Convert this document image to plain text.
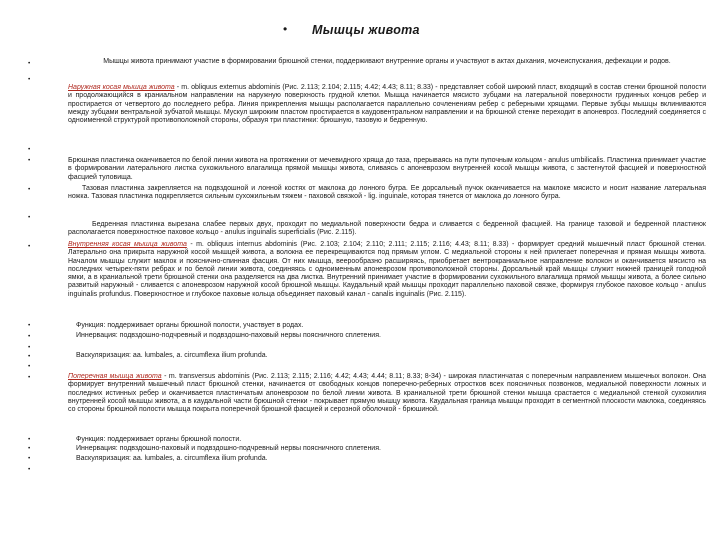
• Мышцы живота
•
•
•
•
•
•
•
•
•
•
•
•
•
•
•
•
•
Мышцы живота принимают участие в формировании брюшной стенки, поддерживают внутренние органы и участвуют в актах дыхания, мочеиспускания, дефекации и родов.
Наружная косая мышца живота - m. obliquus externus abdominis (Рис. 2.113; 2.104; 2.115; 4.42; 4.43; 8.11; 8.33) - представляет собой широкий пласт, входящий в состав стенки брюшной полости и продолжающийся в краниальном направлении на наружную поверхность грудной клетки. Мышца начинается мясисто зубцами на латеральной поверхности грудинных концов ребер и простирается от четвертого до последнего ребра. Линия прикрепления мышцы располагается параллельно сочленениям ребер с реберными хрящами. Первые зубцы мышцы вклиниваются между зубцами вентральной зубчатой мышцы. Мускул широким пластом простирается в каудовентральном направлении и на брюшной стенке переходит в апоневроз. Последний соединяется с одноименной структурой противоположной стороны, образуя три пластинки: брюшную, тазовую и бедренную.
Брюшная пластинка оканчивается по белой линии живота на протяжении от мечевидного хряща до таза, прерываясь на пути пупочным кольцом - anulus umbilicalis. Пластинка принимает участие в формировании латерального листка сухожильного влагалища прямой мышцы живота, сливаясь с апоневрозом внутренней косой мышцы живота, с застегнутой фасцией и поверхностной фасцией туловища.
Тазовая пластинка закрепляется на подвздошной и лонной костях от маклока до лонного бугра. Ее дорсальный пучок оканчивается на маклоке мясисто и носит название латеральная ножка. Тазовая пластинка подкрепляется сильным сухожильным тяжем - паховой связкой - lig. inguinale, которая тянется от маклока до лонного бугра.
Бедренная пластинка вырезана слабее первых двух, проходит по медиальной поверхности бедра и сливается с бедренной фасцией. На границе тазовой и бедренной пластинок располагается поверхностное паховое кольцо - anulus inguinalis superficialis (Рис. 2.115).
Внутренняя косая мышца живота - m. obliquus internus abdominis (Рис. 2.103; 2.104; 2.110; 2.111; 2.115; 2.116; 4.43; 8.11; 8.33) - формирует средний мышечный пласт брюшной стенки. Латерально она прикрыта наружной косой мышцей живота, а волокна ее перекрещиваются под прямым углом. С медиальной стороны к ней прилегает поперечная и прямая мышцы живота. Началом мышцы служит маклок и пояснично-спинная фасция. От них мышца, веерообразно расширяясь, приобретает вентрокраниальное направление волокон и оканчивается мясисто на последних четырех-пяти ребрах и по белой линии живота, соединяясь с одноименным апоневрозом противоположной стороны. Дорсальный край мышцы служит нижней границей голодной ямки, а в краниальной трети брюшной стенки она разделяется на два листка. Внутренний принимает участие в формировании сухожильного влагалища прямой мышцы живота, а более сильно развитый наружный - сливается с апоневрозом наружной косой брюшной мышцы. Каудальный край мышцы проходит параллельно паховой связке, формируя глубокое паховое кольцо - anulus inguinalis profundus. Поверхностное и глубокое паховые кольца объединяет паховый канал - canalis inguinalis (Рис. 2.115).
Функция: поддерживает органы брюшной полости, участвует в родах.
Иннервация: подвздошно-подчревный и подвздошно-паховый нервы поясничного сплетения.
Васкуляризация: aa. lumbales, a. circumflexa ilium profunda.
Поперечная мышца живота - m. transversus abdominis (Рис. 2.113; 2.115; 2.116; 4.42; 4.43; 4.44; 8.11; 8.33; 8-34) - широкая пластинчатая с поперечным направлением мышечных волокон. Она формирует внутренний мышечный пласт брюшной стенки, начинается от свободных концов поперечно-реберных отростков всех поясничных позвонков, медиальной поверхности ложных и последних истинных ребер и оканчивается пластинчатым апоневрозом по белой линии живота. В краниальной трети брюшной стенки мышца срастается с медиальной стенкой сухожилия внутренней косой мышцы живота, а в каудальной части брюшной стенки - покрывает прямую мышцу живота. Каудальная граница мышцы проходит в сегментной плоскости маклока, соединяясь со стороны брюшной полости мышца покрыта поперечной брюшной фасцией и серозной оболочкой - брюшиной.
Функция: поддерживает органы брюшной полости.
Иннервация: подвздошно-паховый и подвздошно-подчревный нервы поясничного сплетения.
Васкуляризация: aa. lumbales, a. circumflexa ilium profunda.
